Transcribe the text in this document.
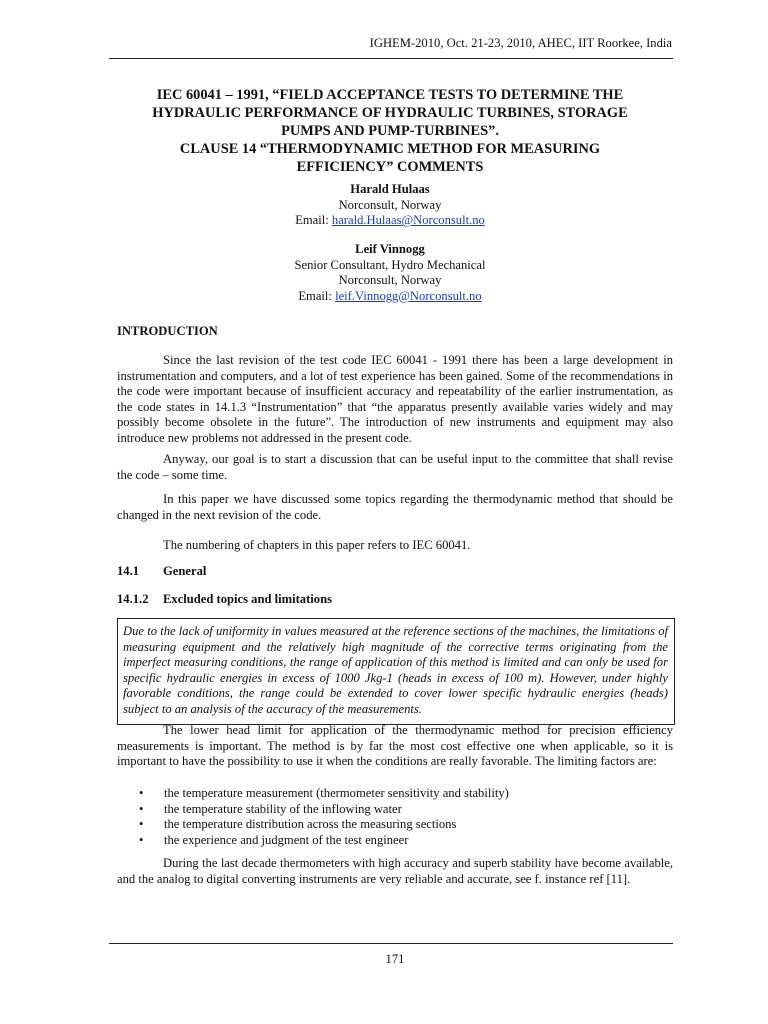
IGHEM-2010, Oct. 21-23, 2010, AHEC, IIT Roorkee, India
IEC 60041 – 1991, “FIELD ACCEPTANCE TESTS TO DETERMINE THE
HYDRAULIC PERFORMANCE OF HYDRAULIC TURBINES, STORAGE
PUMPS AND PUMP-TURBINES”.
CLAUSE 14 “THERMODYNAMIC METHOD FOR MEASURING
EFFICIENCY” COMMENTS
Harald Hulaas
Norconsult, Norway
Email: harald.Hulaas@Norconsult.no
Leif Vinnogg
Senior Consultant, Hydro Mechanical
Norconsult, Norway
Email: leif.Vinnogg@Norconsult.no
INTRODUCTION
Since the last revision of the test code IEC 60041 - 1991 there has been a large development in instrumentation and computers, and a lot of test experience has been gained. Some of the recommendations in the code were important because of insufficient accuracy and repeatability of the earlier instrumentation, as the code states in 14.1.3 “Instrumentation” that “the apparatus presently available varies widely and may possibly become obsolete in the future”. The introduction of new instruments and equipment may also introduce new problems not addressed in the present code.
Anyway, our goal is to start a discussion that can be useful input to the committee that shall revise the code – some time.
In this paper we have discussed some topics regarding the thermodynamic method that should be changed in the next revision of the code.
The numbering of chapters in this paper refers to IEC 60041.
14.1 General
14.1.2 Excluded topics and limitations
Due to the lack of uniformity in values measured at the reference sections of the machines, the limitations of measuring equipment and the relatively high magnitude of the corrective terms originating from the imperfect measuring conditions, the range of application of this method is limited and can only be used for specific hydraulic energies in excess of 1000 Jkg-1 (heads in excess of 100 m). However, under highly favorable conditions, the range could be extended to cover lower specific hydraulic energies (heads) subject to an analysis of the accuracy of the measurements.
The lower head limit for application of the thermodynamic method for precision efficiency measurements is important. The method is by far the most cost effective one when applicable, so it is important to have the possibility to use it when the conditions are really favorable. The limiting factors are:
• the temperature measurement (thermometer sensitivity and stability)
• the temperature stability of the inflowing water
• the temperature distribution across the measuring sections
• the experience and judgment of the test engineer
During the last decade thermometers with high accuracy and superb stability have become available, and the analog to digital converting instruments are very reliable and accurate, see f. instance ref [11].
171
